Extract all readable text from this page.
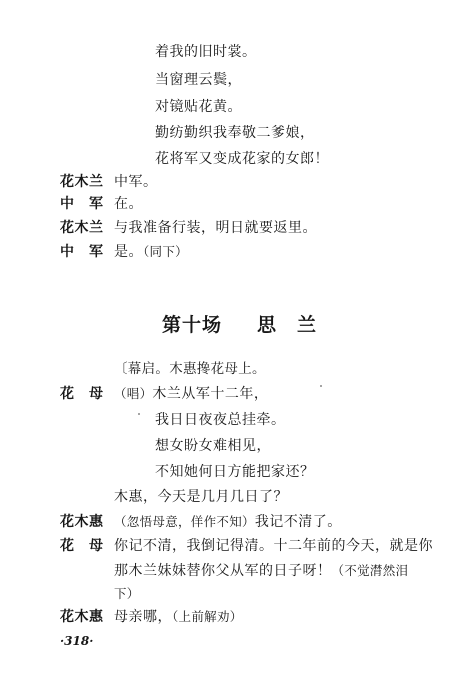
着我的旧时裳。
当窗理云鬓，
对镜贴花黄。
勤纺勤织我奉敬二爹娘，
花将军又变成花家的女郎！
花木兰 中军。
中　军 在。
花木兰 与我准备行装，明日就要返里。
中　军 是。（同下）
第十场 思　兰
〔幕启。木惠搀花母上。
花　母 （唱）木兰从军十二年，
我日日夜夜总挂牵。
想女盼女难相见，
不知她何日方能把家还？
木惠，今天是几月几日了？
花木惠 （忽悟母意，佯作不知）我记不清了。
花　母 你记不清，我倒记得清。十二年前的今天，就是你
那木兰妹妹替你父从军的日子呀！（不觉潸然泪
下）
花木惠 母亲哪，（上前解劝）
·318·
